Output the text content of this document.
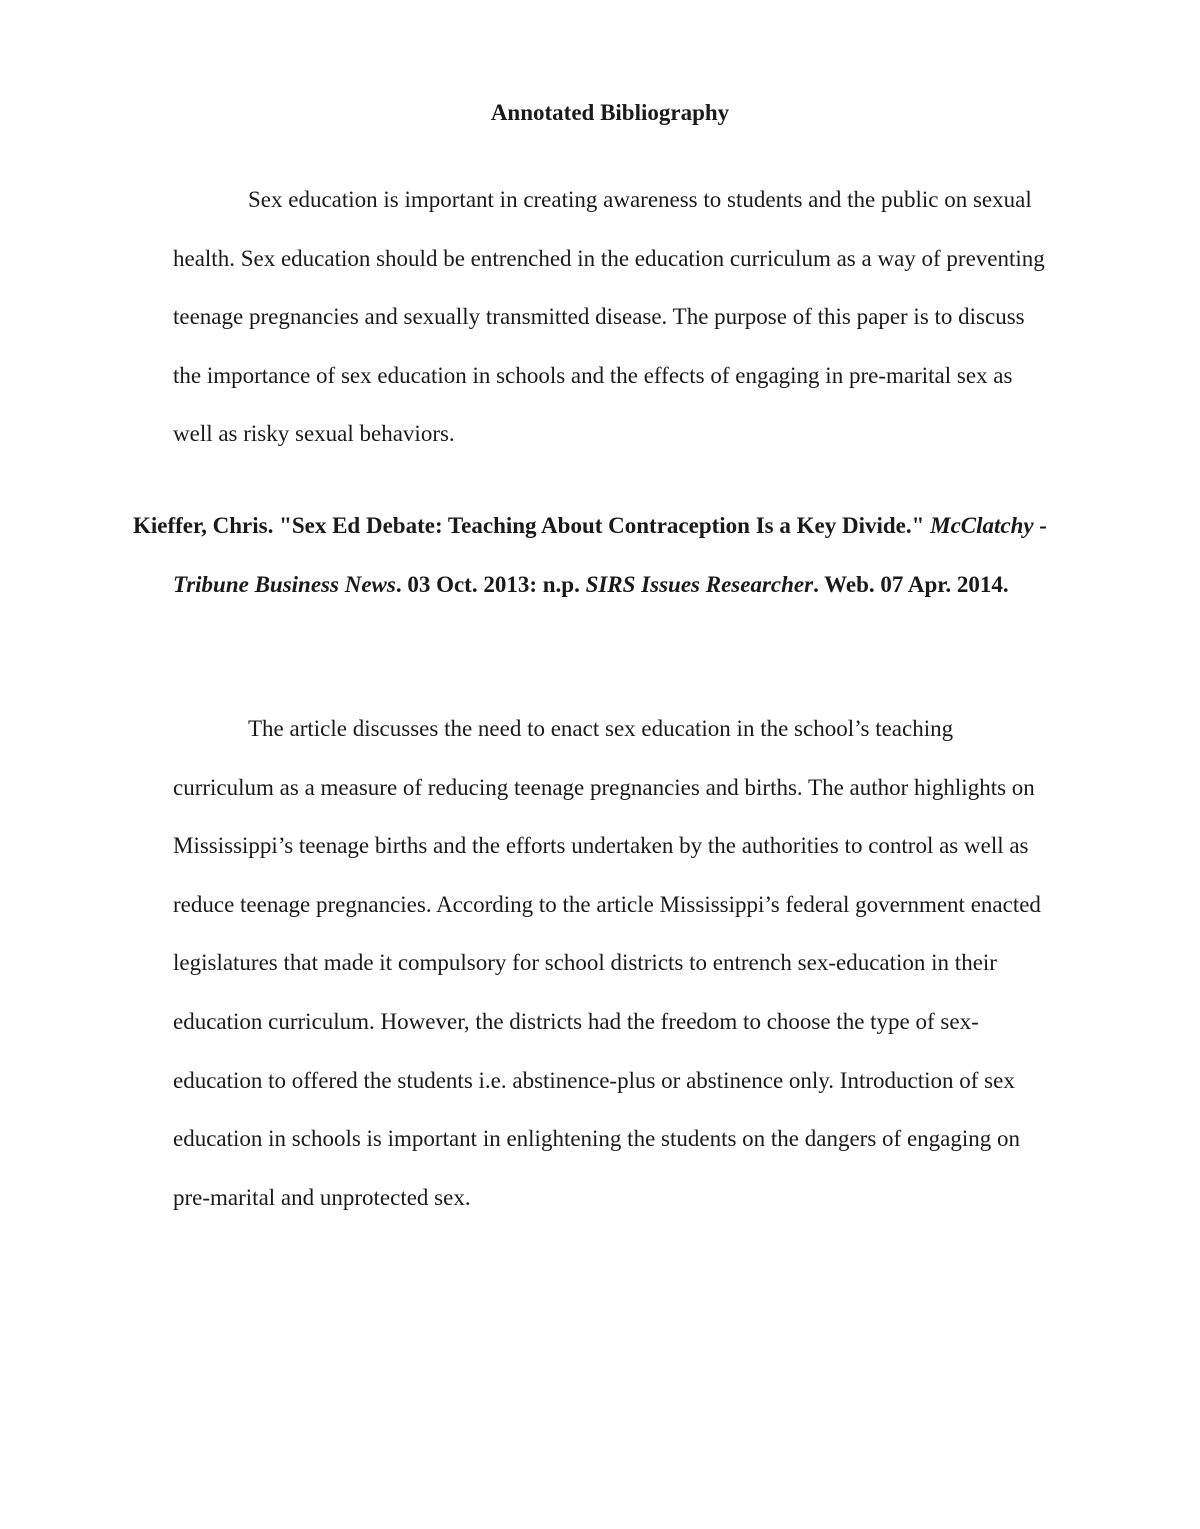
Annotated Bibliography

Sex education is important in creating awareness to students and the public on sexual health. Sex education should be entrenched in the education curriculum as a way of preventing teenage pregnancies and sexually transmitted disease. The purpose of this paper is to discuss the importance of sex education in schools and the effects of engaging in pre-marital sex as well as risky sexual behaviors.

Kieffer, Chris. "Sex Ed Debate: Teaching About Contraception Is a Key Divide." McClatchy - Tribune Business News. 03 Oct. 2013: n.p. SIRS Issues Researcher. Web. 07 Apr. 2014.

The article discusses the need to enact sex education in the school’s teaching curriculum as a measure of reducing teenage pregnancies and births. The author highlights on Mississippi’s teenage births and the efforts undertaken by the authorities to control as well as reduce teenage pregnancies. According to the article Mississippi’s federal government enacted legislatures that made it compulsory for school districts to entrench sex-education in their education curriculum. However, the districts had the freedom to choose the type of sex-education to offered the students i.e. abstinence-plus or abstinence only. Introduction of sex education in schools is important in enlightening the students on the dangers of engaging on pre-marital and unprotected sex.
